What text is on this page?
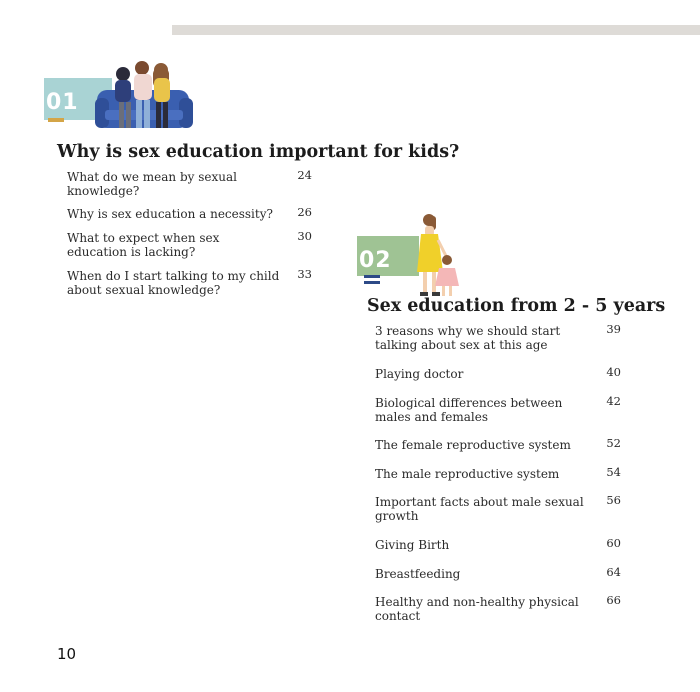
01
Why is sex education important for kids?
What do we mean by sexual knowledge?
24
Why is sex education a necessity?	26
What to expect when sex education is lacking?
30
When do I start talking to my child about sexual knowledge?
33
02
Sex education from 2 - 5 years
3 reasons why we should start talking about sex at this age
39
Playing doctor	40
Biological differences between males and females
42
The female reproductive system	52
The male reproductive system	54
Important facts about male sexual growth
56
Giving Birth	60
Breastfeeding	64
Healthy and non-healthy physical contact
66
10
